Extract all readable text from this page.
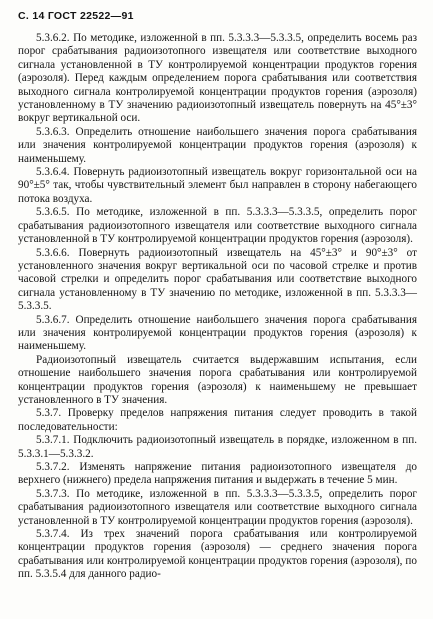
С. 14 ГОСТ 22522—91

5.3.6.2. По методике, изложенной в пп. 5.3.3.3—5.3.3.5, определить восемь раз порог срабатывания радиоизотопного извещателя или соответствие выходного сигнала установленной в ТУ контролируемой концентрации продуктов горения (аэрозоля). Перед каждым определением порога срабатывания или соответствия выходного сигнала контролируемой концентрации продуктов горения (аэрозоля) установленному в ТУ значению радиоизотопный извещатель повернуть на 45°±3° вокруг вертикальной оси.

5.3.6.3. Определить отношение наибольшего значения порога срабатывания или значения контролируемой концентрации продуктов горения (аэрозоля) к наименьшему.

5.3.6.4. Повернуть радиоизотопный извещатель вокруг горизонтальной оси на 90°±5° так, чтобы чувствительный элемент был направлен в сторону набегающего потока воздуха.

5.3.6.5. По методике, изложенной в пп. 5.3.3.3—5.3.3.5, определить порог срабатывания радиоизотопного извещателя или соответствие выходного сигнала установленной в ТУ контролируемой концентрации продуктов горения (аэрозоля).

5.3.6.6. Повернуть радиоизотопный извещатель на 45°±3° и 90°±3° от установленного значения вокруг вертикальной оси по часовой стрелке и против часовой стрелки и определить порог срабатывания или соответствие выходного сигнала установленному в ТУ значению по методике, изложенной в пп. 5.3.3.3—5.3.3.5.

5.3.6.7. Определить отношение наибольшего значения порога срабатывания или значения контролируемой концентрации продуктов горения (аэрозоля) к наименьшему.

Радиоизотопный извещатель считается выдержавшим испытания, если отношение наибольшего значения порога срабатывания или контролируемой концентрации продуктов горения (аэрозоля) к наименьшему не превышает установленного в ТУ значения.

5.3.7. Проверку пределов напряжения питания следует проводить в такой последовательности:

5.3.7.1. Подключить радиоизотопный извещатель в порядке, изложенном в пп. 5.3.3.1—5.3.3.2.

5.3.7.2. Изменять напряжение питания радиоизотопного извещателя до верхнего (нижнего) предела напряжения питания и выдержать в течение 5 мин.

5.3.7.3. По методике, изложенной в пп. 5.3.3.3—5.3.3.5, определить порог срабатывания радиоизотопного извещателя или соответствие выходного сигнала установленной в ТУ контролируемой концентрации продуктов горения (аэрозоля).

5.3.7.4. Из трех значений порога срабатывания или контролируемой концентрации продуктов горения (аэрозоля) — среднего значения порога срабатывания или контролируемой концентрации продуктов горения (аэрозоля), по пп. 5.3.5.4 для данного радио-
